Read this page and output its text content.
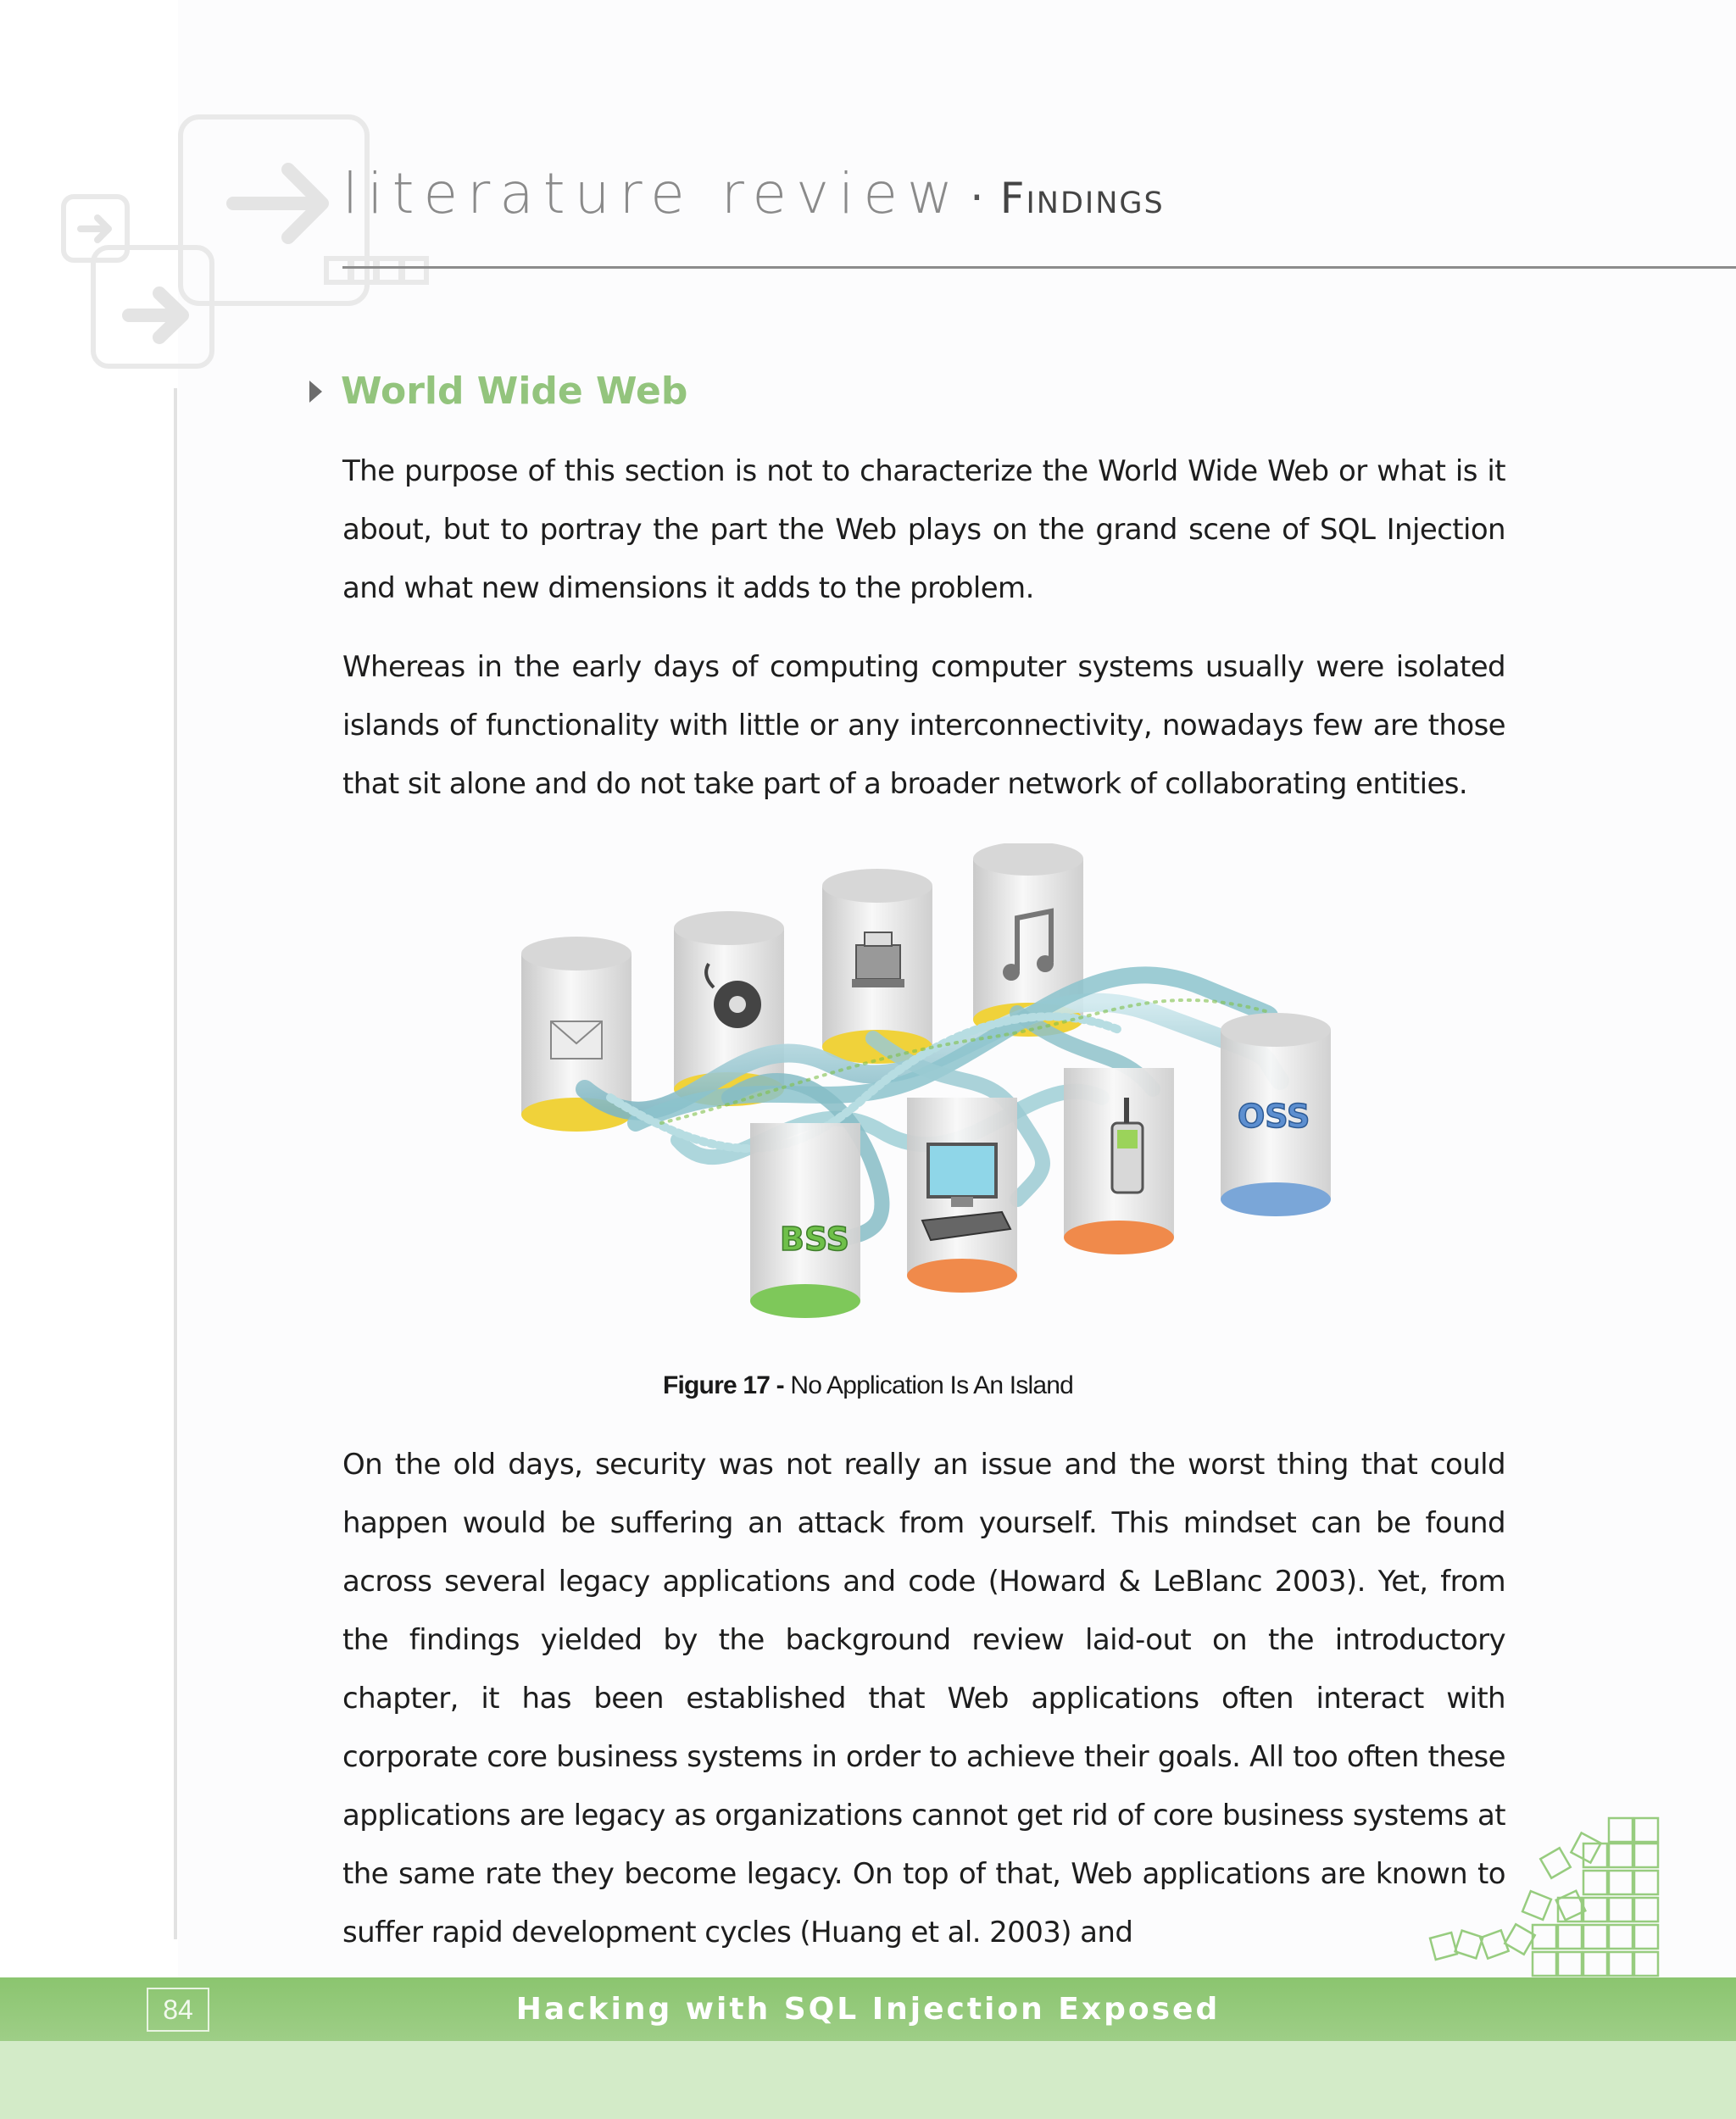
literature review · Findings
World Wide Web

The purpose of this section is not to characterize the World Wide Web or what is it about, but to portray the part the Web plays on the grand scene of SQL Injection and what new dimensions it adds to the problem.

Whereas in the early days of computing computer systems usually were isolated islands of functionality with little or any interconnectivity, nowadays few are those that sit alone and do not take part of a broader network of collaborating entities.

BSS
OSS
Figure 17 - No Application Is An Island

On the old days, security was not really an issue and the worst thing that could happen would be suffering an attack from yourself. This mindset can be found across several legacy applications and code (Howard & LeBlanc 2003). Yet, from the findings yielded by the background review laid-out on the introductory chapter, it has been established that Web applications often interact with corporate core business systems in order to achieve their goals. All too often these applications are legacy as organizations cannot get rid of core business systems at the same rate they become legacy. On top of that, Web applications are known to suffer rapid development cycles (Huang et al. 2003) and

84	Hacking with SQL Injection Exposed
